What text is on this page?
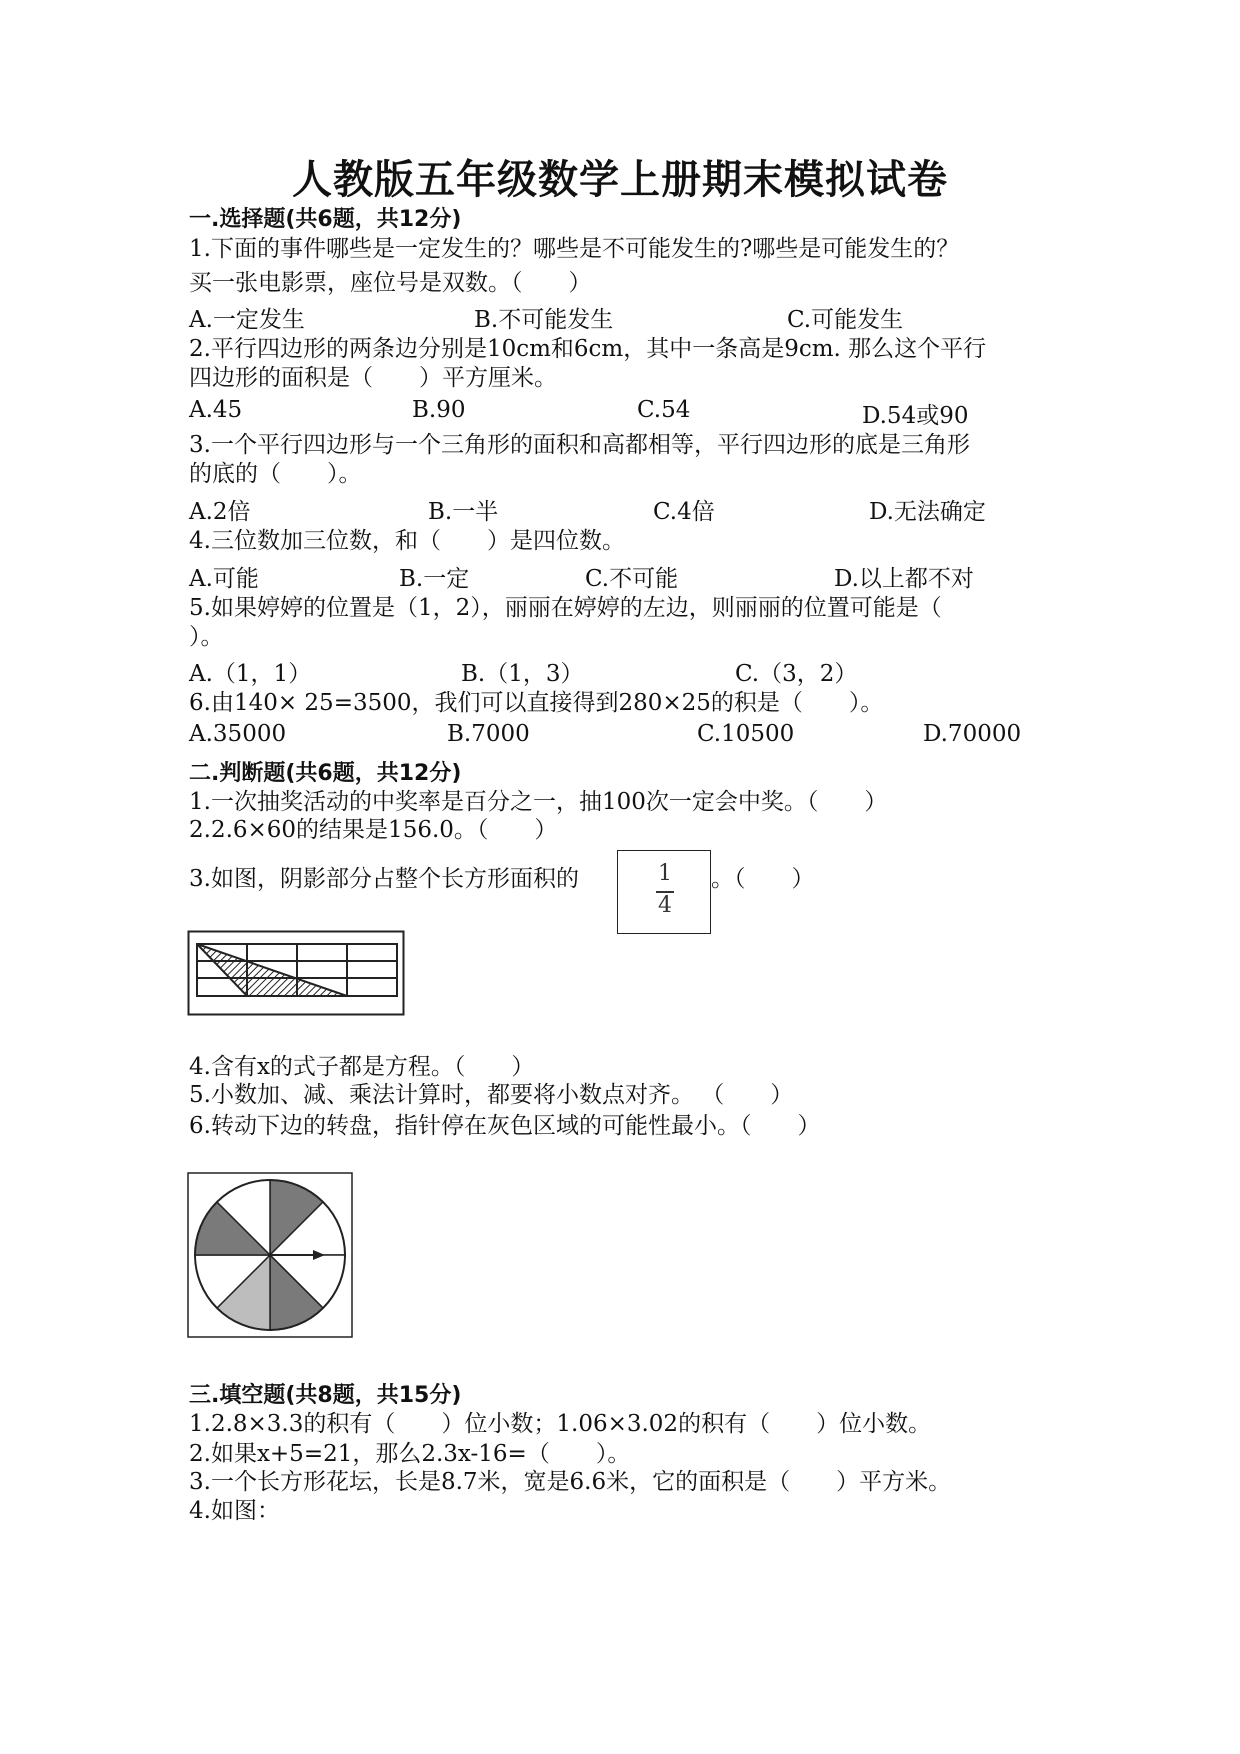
人教版五年级数学上册期末模拟试卷
一.选择题(共6题，共12分)
1.下面的事件哪些是一定发生的？哪些是不可能发生的?哪些是可能发生的？
买一张电影票，座位号是双数。（　　）
A.一定发生	B.不可能发生	C.可能发生
2.平行四边形的两条边分别是10cm和6cm，其中一条高是9cm. 那么这个平行
四边形的面积是（　　）平方厘米。
A.45	B.90	C.54	D.54或90
3.一个平行四边形与一个三角形的面积和高都相等，平行四边形的底是三角形
的底的（　　）。
A.2倍	B.一半	C.4倍	D.无法确定
4.三位数加三位数，和（　　）是四位数。
A.可能	B.一定	C.不可能	D.以上都不对
5.如果婷婷的位置是（1，2），丽丽在婷婷的左边，则丽丽的位置可能是（
）。
A.（1，1）	B.（1，3）	C.（3，2）
6.由140× 25=3500，我们可以直接得到280×25的积是（　　）。
A.35000	B.7000	C.10500	D.70000
二.判断题(共6题，共12分)
1.一次抽奖活动的中奖率是百分之一，抽100次一定会中奖。（　　）
2.2.6×60的结果是156.0。（　　）
3.如图，阴影部分占整个长方形面积的	1
4
。（　　）
4.含有x的式子都是方程。（　　）
5.小数加、减、乘法计算时，都要将小数点对齐。 （　　）
6.转动下边的转盘，指针停在灰色区域的可能性最小。（　　）
三.填空题(共8题，共15分)
1.2.8×3.3的积有（　　）位小数；1.06×3.02的积有（　　）位小数。
2.如果x+5=21，那么2.3x-16=（　　）。
3.一个长方形花坛，长是8.7米，宽是6.6米，它的面积是（　　）平方米。
4.如图：
